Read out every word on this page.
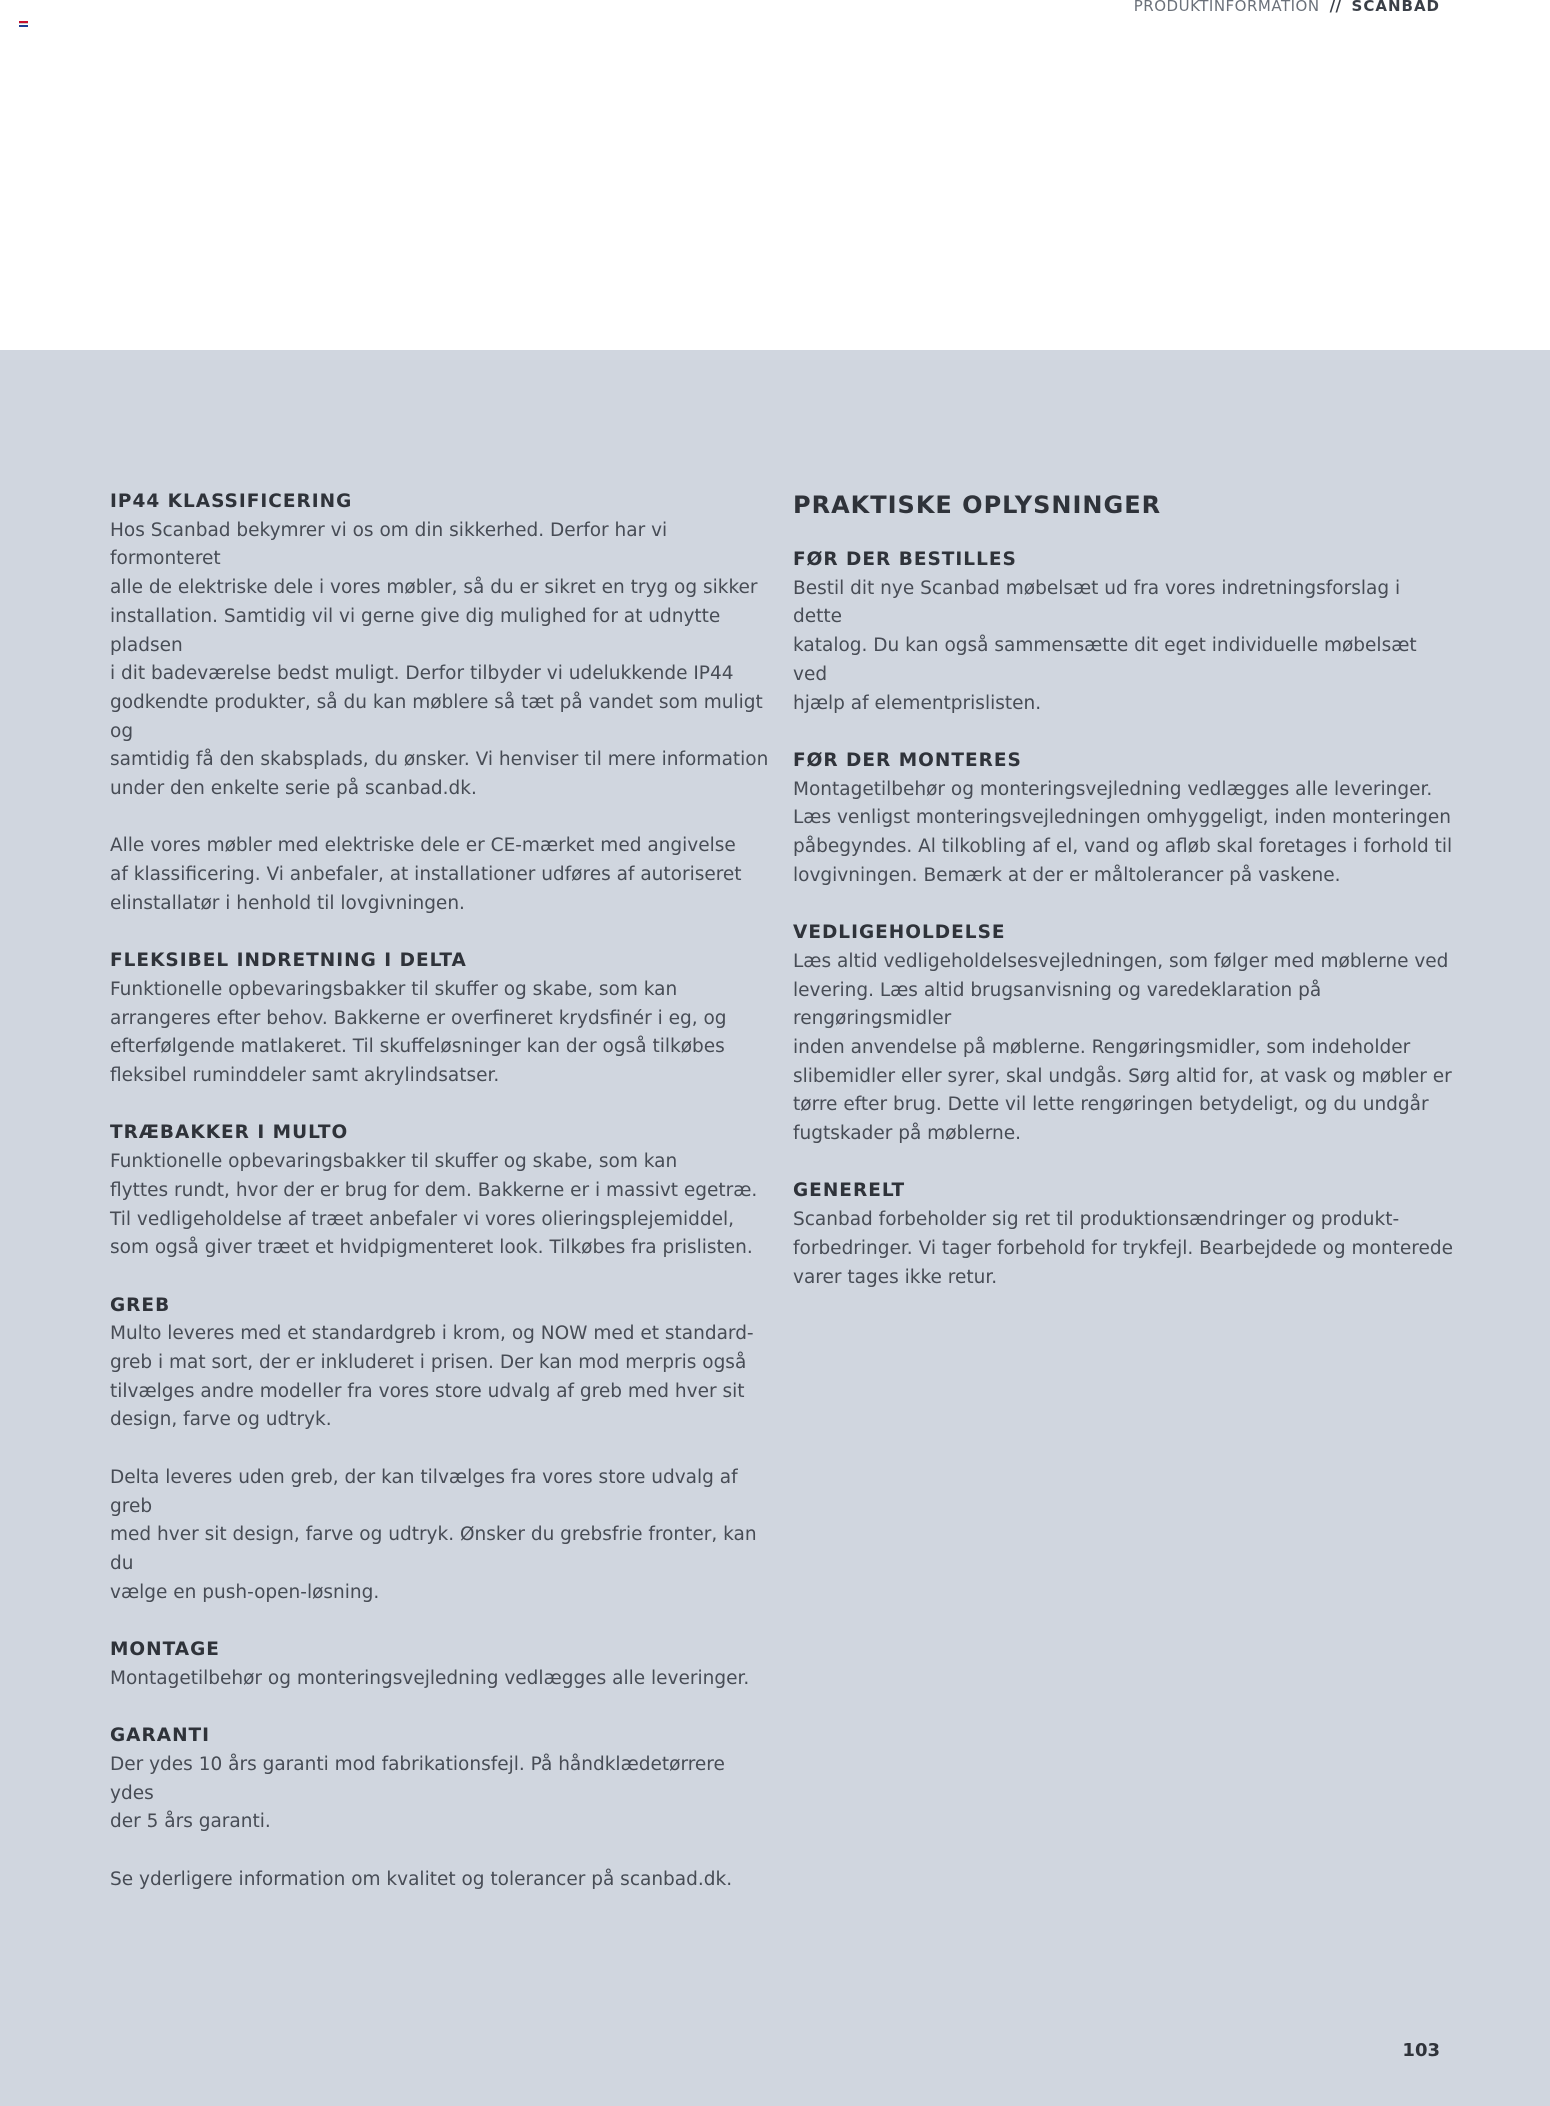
PRODUKTINFORMATION // SCANBAD
IP44 KLASSIFICERING

Hos Scanbad bekymrer vi os om din sikkerhed. Derfor har vi formonteret
alle de elektriske dele i vores møbler, så du er sikret en tryg og sikker
installation. Samtidig vil vi gerne give dig mulighed for at udnytte pladsen
i dit badeværelse bedst muligt. Derfor tilbyder vi udelukkende IP44
godkendte produkter, så du kan møblere så tæt på vandet som muligt og
samtidig få den skabsplads, du ønsker. Vi henviser til mere information
under den enkelte serie på scanbad.dk.

Alle vores møbler med elektriske dele er CE-mærket med angivelse
af klassificering. Vi anbefaler, at installationer udføres af autoriseret
elinstallatør i henhold til lovgivningen.

FLEKSIBEL INDRETNING I DELTA

Funktionelle opbevaringsbakker til skuffer og skabe, som kan
arrangeres efter behov. Bakkerne er overfineret krydsfinér i eg, og
efterfølgende matlakeret. Til skuffeløsninger kan der også tilkøbes
fleksibel ruminddeler samt akrylindsatser.

TRÆBAKKER I MULTO

Funktionelle opbevaringsbakker til skuffer og skabe, som kan
flyttes rundt, hvor der er brug for dem. Bakkerne er i massivt egetræ.
Til vedligeholdelse af træet anbefaler vi vores olieringsplejemiddel,
som også giver træet et hvidpigmenteret look. Tilkøbes fra prislisten.

GREB

Multo leveres med et standardgreb i krom, og NOW med et standard-
greb i mat sort, der er inkluderet i prisen. Der kan mod merpris også
tilvælges andre modeller fra vores store udvalg af greb med hver sit
design, farve og udtryk.

Delta leveres uden greb, der kan tilvælges fra vores store udvalg af greb
med hver sit design, farve og udtryk. Ønsker du grebsfrie fronter, kan du
vælge en push-open-løsning.

MONTAGE

Montagetilbehør og monteringsvejledning vedlægges alle leveringer.

GARANTI

Der ydes 10 års garanti mod fabrikationsfejl. På håndklædetørrere ydes
der 5 års garanti.

Se yderligere information om kvalitet og tolerancer på scanbad.dk.

PRAKTISKE OPLYSNINGER
FØR DER BESTILLES

Bestil dit nye Scanbad møbelsæt ud fra vores indretningsforslag i dette
katalog. Du kan også sammensætte dit eget individuelle møbelsæt ved
hjælp af elementprislisten.

FØR DER MONTERES

Montagetilbehør og monteringsvejledning vedlægges alle leveringer.
Læs venligst monteringsvejledningen omhyggeligt, inden monteringen
påbegyndes. Al tilkobling af el, vand og afløb skal foretages i forhold til
lovgivningen. Bemærk at der er måltolerancer på vaskene.

VEDLIGEHOLDELSE

Læs altid vedligeholdelsesvejledningen, som følger med møblerne ved
levering. Læs altid brugsanvisning og varedeklaration på rengøringsmidler
inden anvendelse på møblerne. Rengøringsmidler, som indeholder
slibemidler eller syrer, skal undgås. Sørg altid for, at vask og møbler er
tørre efter brug. Dette vil lette rengøringen betydeligt, og du undgår
fugtskader på møblerne.

GENERELT

Scanbad forbeholder sig ret til produktionsændringer og produkt-
forbedringer. Vi tager forbehold for trykfejl. Bearbejdede og monterede
varer tages ikke retur.

103
